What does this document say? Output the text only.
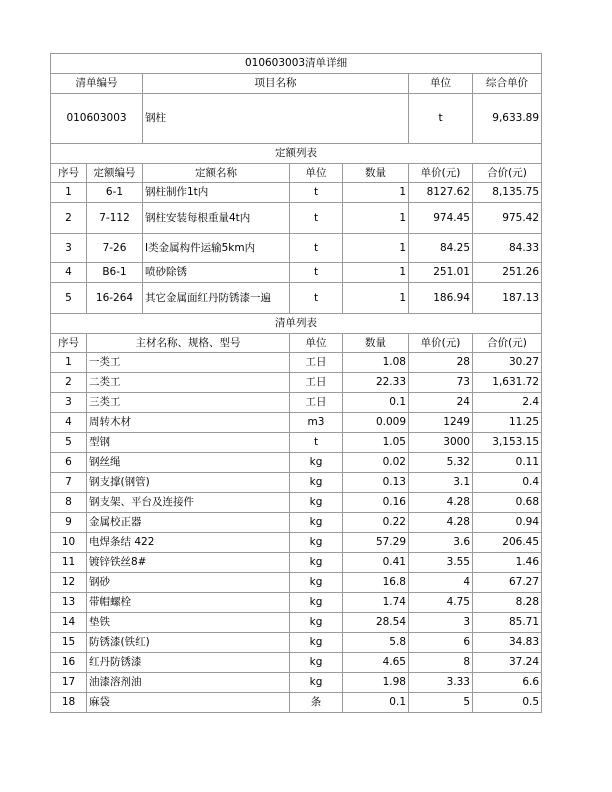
010603003清单详细						
清单编号		项目名称			单位	综合单价
010603003		钢柱			t	9,633.89
定额列表						
序号	定额编号	定额名称	单位	数量	单价(元)	合价(元)
1	6-1	钢柱制作1t内	t	1	8127.62	8,135.75
2	7-112	钢柱安装每根重量4t内	t	1	974.45	975.42
3	7-26	Ⅰ类金属构件运输5km内	t	1	84.25	84.33
4	B6-1	喷砂除锈	t	1	251.01	251.26
5	16-264	其它金属面红丹防锈漆一遍	t	1	186.94	187.13
清单列表						
序号	主材名称、规格、型号		单位	数量	单价(元)	合价(元)
1	一类工		工日	1.08	28	30.27
2	二类工		工日	22.33	73	1,631.72
3	三类工		工日	0.1	24	2.4
4	周转木材		m3	0.009	1249	11.25
5	型钢		t	1.05	3000	3,153.15
6	钢丝绳		kg	0.02	5.32	0.11
7	钢支撑(钢管)		kg	0.13	3.1	0.4
8	钢支架、平台及连接件		kg	0.16	4.28	0.68
9	金属校正器		kg	0.22	4.28	0.94
10	电焊条结 422		kg	57.29	3.6	206.45
11	镀锌铁丝8#		kg	0.41	3.55	1.46
12	钢砂		kg	16.8	4	67.27
13	带帽螺栓		kg	1.74	4.75	8.28
14	垫铁		kg	28.54	3	85.71
15	防锈漆(铁红)		kg	5.8	6	34.83
16	红丹防锈漆		kg	4.65	8	37.24
17	油漆溶剂油		kg	1.98	3.33	6.6
18	麻袋		条	0.1	5	0.5
